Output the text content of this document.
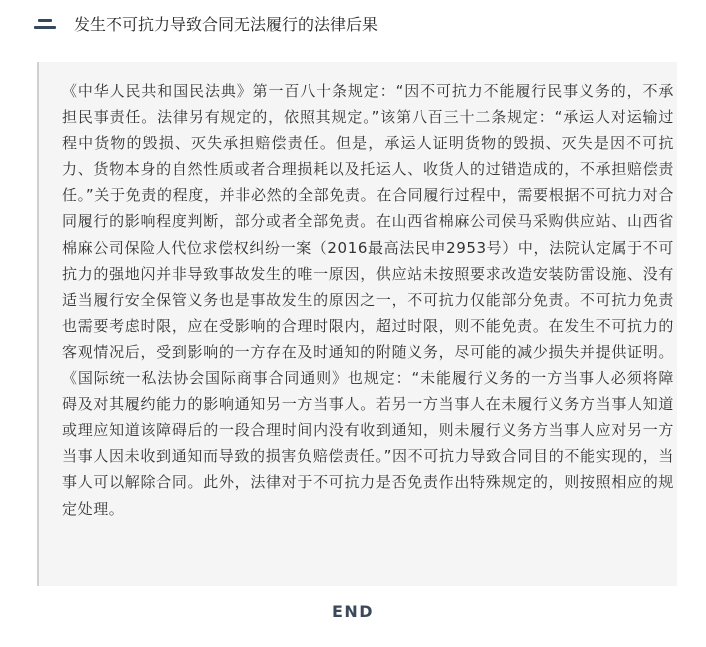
发生不可抗力导致合同无法履行的法律后果

《中华人民共和国民法典》第一百八十条规定：“因不可抗力不能履行民事义务的，不承担民事责任。法律另有规定的，依照其规定。”该第八百三十二条规定：“承运人对运输过程中货物的毁损、灭失承担赔偿责任。但是，承运人证明货物的毁损、灭失是因不可抗力、货物本身的自然性质或者合理损耗以及托运人、收货人的过错造成的，不承担赔偿责任。”关于免责的程度，并非必然的全部免责。在合同履行过程中，需要根据不可抗力对合同履行的影响程度判断，部分或者全部免责。在山西省棉麻公司侯马采购供应站、山西省棉麻公司保险人代位求偿权纠纷一案（2016最高法民申2953号）中，法院认定属于不可抗力的强地闪并非导致事故发生的唯一原因，供应站未按照要求改造安装防雷设施、没有适当履行安全保管义务也是事故发生的原因之一，不可抗力仅能部分免责。不可抗力免责也需要考虑时限，应在受影响的合理时限内，超过时限，则不能免责。在发生不可抗力的客观情况后，受到影响的一方存在及时通知的附随义务，尽可能的减少损失并提供证明。《国际统一私法协会国际商事合同通则》也规定：“未能履行义务的一方当事人必须将障碍及对其履约能力的影响通知另一方当事人。若另一方当事人在未履行义务方当事人知道或理应知道该障碍后的一段合理时间内没有收到通知，则未履行义务方当事人应对另一方当事人因未收到通知而导致的损害负赔偿责任。”因不可抗力导致合同目的不能实现的，当事人可以解除合同。此外，法律对于不可抗力是否免责作出特殊规定的，则按照相应的规定处理。

END
